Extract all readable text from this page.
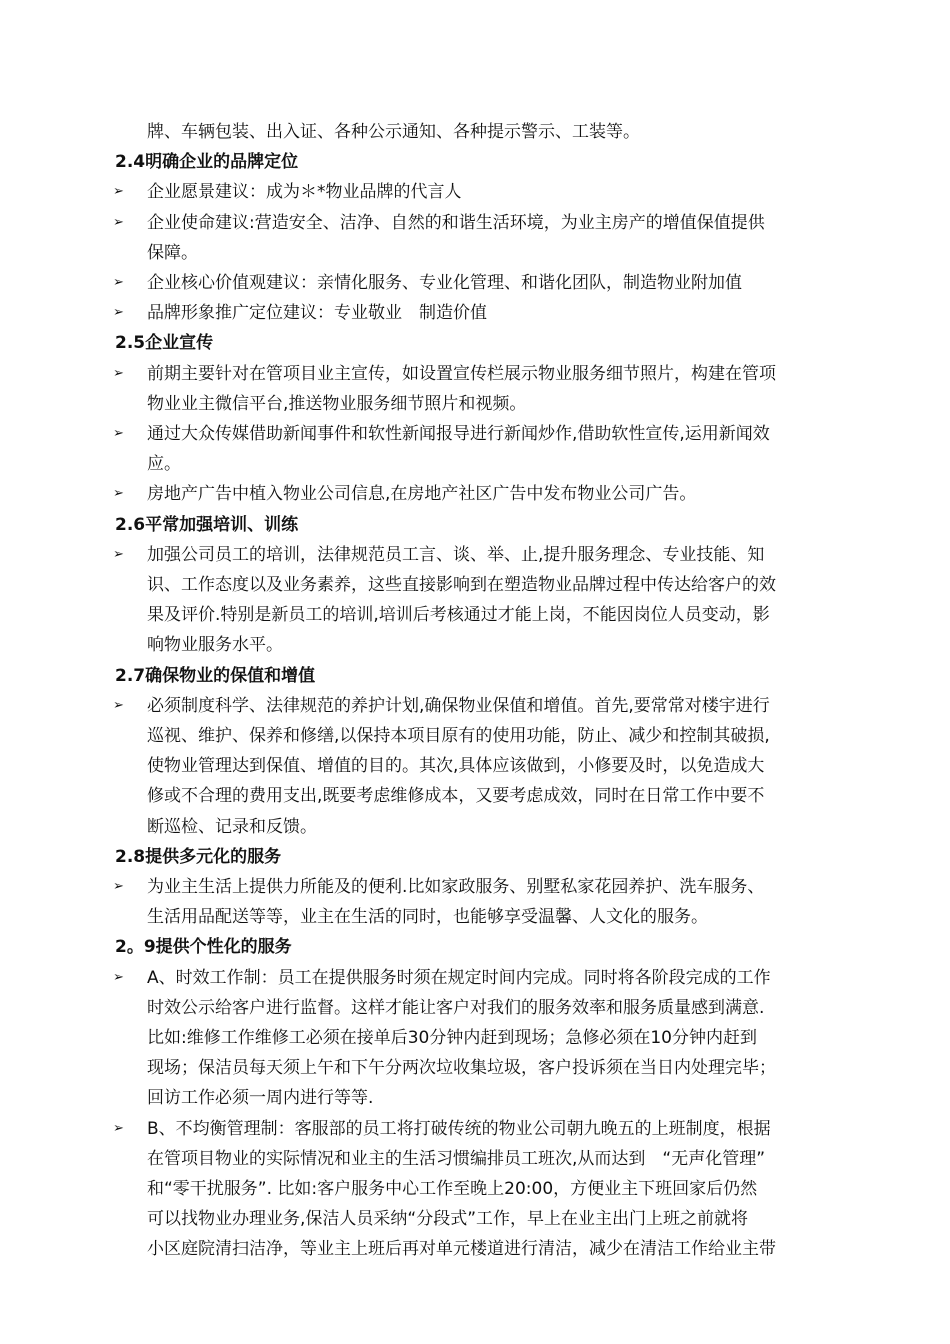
牌、车辆包装、出入证、各种公示通知、各种提示警示、工装等。
2.4明确企业的品牌定位
➢ 企业愿景建议：成为＊*物业品牌的代言人
➢ 企业使命建议:营造安全、洁净、自然的和谐生活环境，为业主房产的增值保值提供
保障。
➢ 企业核心价值观建议：亲情化服务、专业化管理、和谐化团队，制造物业附加值
➢ 品牌形象推广定位建议：专业敬业　制造价值
2.5企业宣传
➢ 前期主要针对在管项目业主宣传，如设置宣传栏展示物业服务细节照片，构建在管项
物业业主微信平台,推送物业服务细节照片和视频。
➢ 通过大众传媒借助新闻事件和软性新闻报导进行新闻炒作,借助软性宣传,运用新闻效
应。
➢ 房地产广告中植入物业公司信息,在房地产社区广告中发布物业公司广告。
2.6平常加强培训、训练
➢ 加强公司员工的培训，法律规范员工言、谈、举、止,提升服务理念、专业技能、知
识、工作态度以及业务素养，这些直接影响到在塑造物业品牌过程中传达给客户的效
果及评价.特别是新员工的培训,培训后考核通过才能上岗，不能因岗位人员变动，影
响物业服务水平。
2.7确保物业的保值和增值
➢ 必须制度科学、法律规范的养护计划,确保物业保值和增值。首先,要常常对楼宇进行
巡视、维护、保养和修缮,以保持本项目原有的使用功能，防止、减少和控制其破损,
使物业管理达到保值、增值的目的。其次,具体应该做到，小修要及时，以免造成大
修或不合理的费用支出,既要考虑维修成本，又要考虑成效，同时在日常工作中要不
断巡检、记录和反馈。
2.8提供多元化的服务
➢ 为业主生活上提供力所能及的便利.比如家政服务、别墅私家花园养护、洗车服务、
生活用品配送等等，业主在生活的同时，也能够享受温馨、人文化的服务。
2。9提供个性化的服务
➢ A、时效工作制：员工在提供服务时须在规定时间内完成。同时将各阶段完成的工作
时效公示给客户进行监督。这样才能让客户对我们的服务效率和服务质量感到满意.
比如:维修工作维修工必须在接单后30分钟内赶到现场；急修必须在10分钟内赶到
现场；保洁员每天须上午和下午分两次垃收集垃圾，客户投诉须在当日内处理完毕；
回访工作必须一周内进行等等.
➢ B、不均衡管理制：客服部的员工将打破传统的物业公司朝九晚五的上班制度，根据
在管项目物业的实际情况和业主的生活习惯编排员工班次,从而达到　“无声化管理”
和“零干扰服务”. 比如:客户服务中心工作至晚上20:00，方便业主下班回家后仍然
可以找物业办理业务,保洁人员采纳“分段式”工作，早上在业主出门上班之前就将
小区庭院清扫洁净，等业主上班后再对单元楼道进行清洁，减少在清洁工作给业主带
